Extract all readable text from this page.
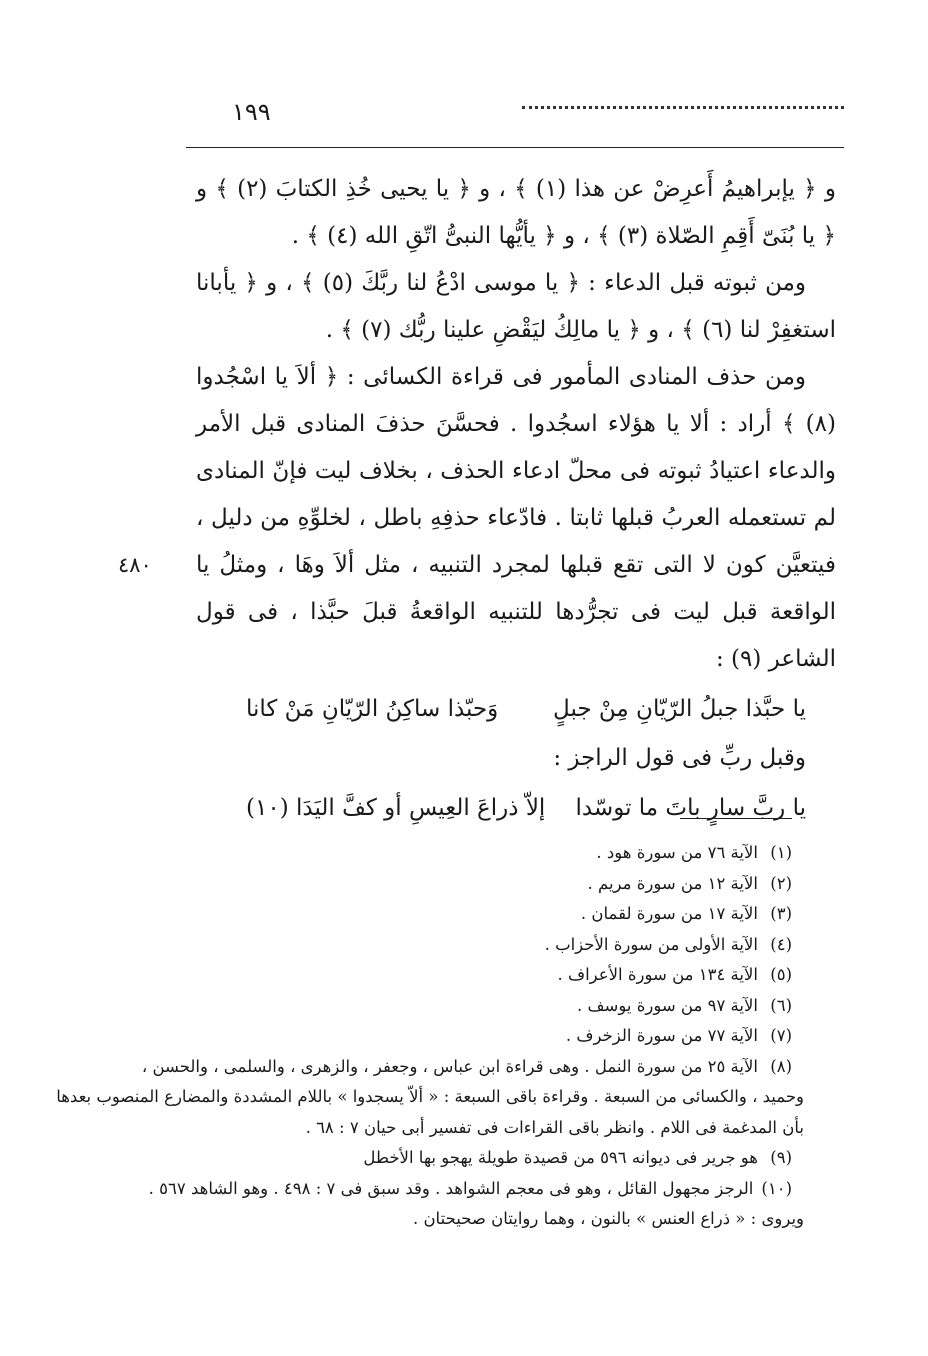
١٩٩
٤٨٠

و ﴿ يإبراهيمُ أَعرِضْ عن هذا (١) ﴾ ، و ﴿ يا يحيى خُذِ الكتابَ (٢) ﴾ و ﴿ يا بُنَىّ أَقِمِ الصّلاة (٣) ﴾ ، و ﴿ يأيُّها النبىُّ اتّقِ الله (٤) ﴾ .

ومن ثبوته قبل الدعاء : ﴿ يا موسى ادْعُ لنا ربَّكَ (٥) ﴾ ، و ﴿ يأبانا استغفِرْ لنا (٦) ﴾ ، و ﴿ يا مالِكُ ليَقْضِ علينا ربُّك (٧) ﴾ .

ومن حذف المنادى المأمور فى قراءة الكسائى : ﴿ ألاَ يا اسْجُدوا (٨) ﴾ أراد : ألا يا هؤلاء اسجُدوا . فحسَّنَ حذفَ المنادى قبل الأمر والدعاء اعتيادُ ثبوته فى محلّ ادعاء الحذف ، بخلاف ليت فإنّ المنادى لم تستعمله العربُ قبلها ثابتا . فادّعاء حذفِهِ باطل ، لخلوِّهِ من دليل ، فيتعيَّن كون لا التى تقع قبلها لمجرد التنبيه ، مثل ألاَ وهَا ، ومثلُ يا الواقعة قبل ليت فى تجرُّدها للتنبيه الواقعةُ قبلَ حبَّذا ، فى قول الشاعر (٩) :

يا حبَّذا جبلُ الرّيّانِ مِنْ جبلٍ
وَحبّذا ساكِنُ الرّيّانِ مَنْ كانا

وقبل ربِّ فى قول الراجز :

يا ربَّ سارٍ باتَ ما توسّدا
إلاّ ذراعَ العِيسِ أو كفَّ اليَدَا (١٠)

(١)الآية ٧٦ من سورة هود .

(٢)الآية ١٢ من سورة مريم .

(٣)الآية ١٧ من سورة لقمان .

(٤)الآية الأولى من سورة الأحزاب .

(٥)الآية ١٣٤ من سورة الأعراف .

(٦)الآية ٩٧ من سورة يوسف .

(٧)الآية ٧٧ من سورة الزخرف .

(٨)الآية ٢٥ من سورة النمل . وهى قراءة ابن عباس ، وجعفر ، والزهرى ، والسلمى ، والحسن ،

وحميد ، والكسائى من السبعة . وقراءة باقى السبعة : « ألاّ يسجدوا » باللام المشددة والمضارع المنصوب بعدها

بأن المدغمة فى اللام . وانظر باقى القراءات فى تفسير أبى حيان ٧ : ٦٨ .

(٩)هو جرير فى ديوانه ٥٩٦ من قصيدة طويلة يهجو بها الأخطل

(١٠)الرجز مجهول القائل ، وهو فى معجم الشواهد . وقد سبق فى ٧ : ٤٩٨ . وهو الشاهد ٥٦٧ .

ويروى : « ذراع العنس » بالنون ، وهما روايتان صحيحتان .
